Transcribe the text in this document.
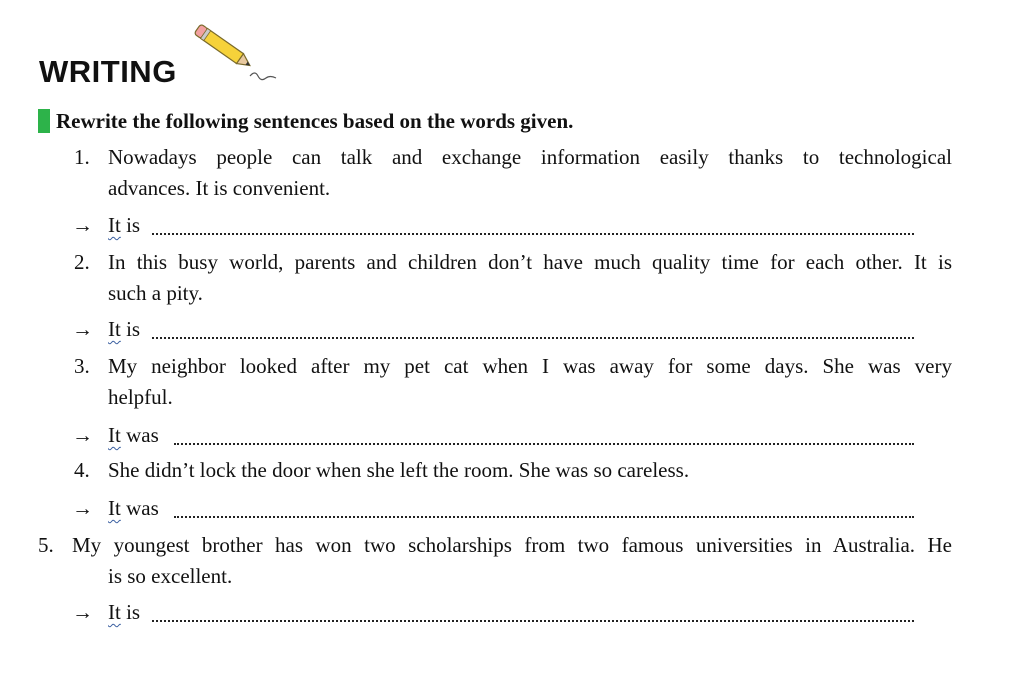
WRITING
Rewrite the following sentences based on the words given.
1. Nowadays people can talk and exchange information easily thanks to technological
advances. It is convenient.
→ It is
2. In this busy world, parents and children don’t have much quality time for each other. It is
such a pity.
→ It is
3. My neighbor looked after my pet cat when I was away for some days. She was very
helpful.
→ It was
4. She didn’t lock the door when she left the room. She was so careless.
→ It was
5. My youngest brother has won two scholarships from two famous universities in Australia. He
is so excellent.
→ It is
